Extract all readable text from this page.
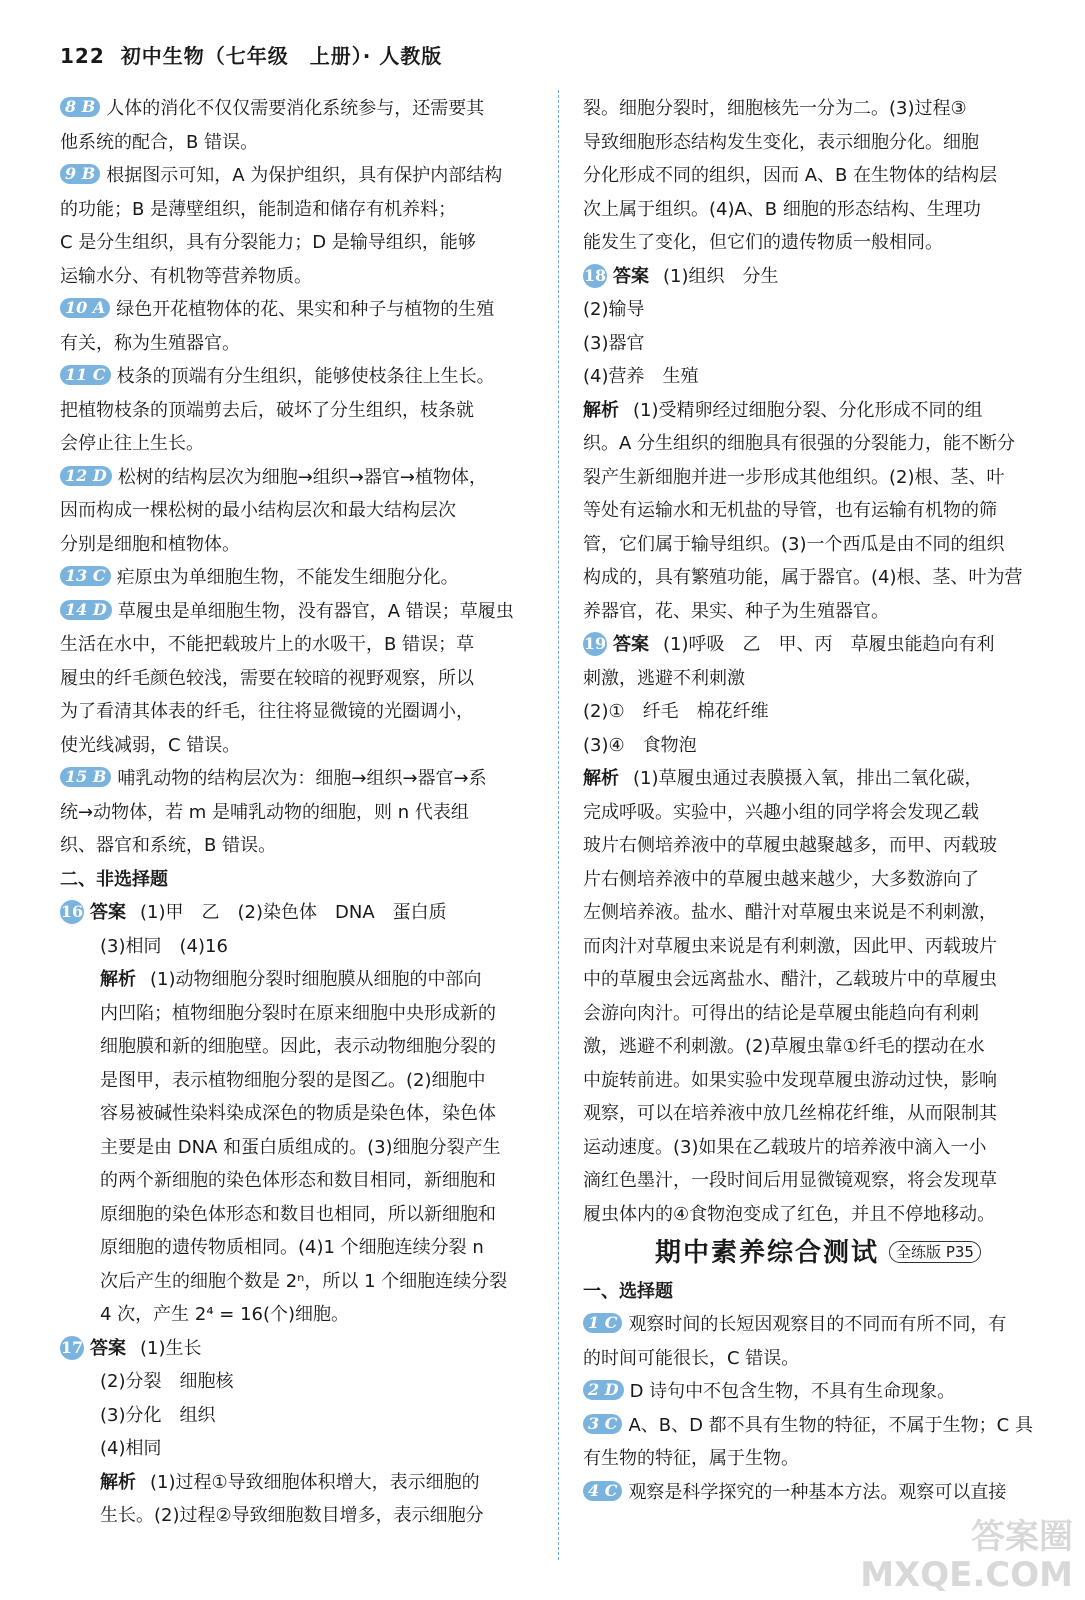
122 初中生物（七年级　上册）· 人教版

8 B 人体的消化不仅仅需要消化系统参与，还需要其

他系统的配合，B 错误。

9 B 根据图示可知，A 为保护组织，具有保护内部结构

的功能；B 是薄壁组织，能制造和储存有机养料；

C 是分生组织，具有分裂能力；D 是输导组织，能够

运输水分、有机物等营养物质。

10 A 绿色开花植物体的花、果实和种子与植物的生殖

有关，称为生殖器官。

11 C 枝条的顶端有分生组织，能够使枝条往上生长。

把植物枝条的顶端剪去后，破坏了分生组织，枝条就

会停止往上生长。

12 D 松树的结构层次为细胞→组织→器官→植物体，

因而构成一棵松树的最小结构层次和最大结构层次

分别是细胞和植物体。

13 C 疟原虫为单细胞生物，不能发生细胞分化。

14 D 草履虫是单细胞生物，没有器官，A 错误；草履虫

生活在水中，不能把载玻片上的水吸干，B 错误；草

履虫的纤毛颜色较浅，需要在较暗的视野观察，所以

为了看清其体表的纤毛，往往将显微镜的光圈调小，

使光线减弱，C 错误。

15 B 哺乳动物的结构层次为：细胞→组织→器官→系

统→动物体，若 m 是哺乳动物的细胞，则 n 代表组

织、器官和系统，B 错误。

二、非选择题

16 答案 (1)甲　乙　(2)染色体　DNA　蛋白质

(3)相同　(4)16

解析 (1)动物细胞分裂时细胞膜从细胞的中部向

内凹陷；植物细胞分裂时在原来细胞中央形成新的

细胞膜和新的细胞壁。因此，表示动物细胞分裂的

是图甲，表示植物细胞分裂的是图乙。(2)细胞中

容易被碱性染料染成深色的物质是染色体，染色体

主要是由 DNA 和蛋白质组成的。(3)细胞分裂产生

的两个新细胞的染色体形态和数目相同，新细胞和

原细胞的染色体形态和数目也相同，所以新细胞和

原细胞的遗传物质相同。(4)1 个细胞连续分裂 n

次后产生的细胞个数是 2ⁿ，所以 1 个细胞连续分裂

4 次，产生 2⁴ = 16(个)细胞。

17 答案 (1)生长

(2)分裂　细胞核

(3)分化　组织

(4)相同

解析 (1)过程①导致细胞体积增大，表示细胞的

生长。(2)过程②导致细胞数目增多，表示细胞分

裂。细胞分裂时，细胞核先一分为二。(3)过程③

导致细胞形态结构发生变化，表示细胞分化。细胞

分化形成不同的组织，因而 A、B 在生物体的结构层

次上属于组织。(4)A、B 细胞的形态结构、生理功

能发生了变化，但它们的遗传物质一般相同。

18 答案 (1)组织　分生

(2)输导

(3)器官

(4)营养　生殖

解析 (1)受精卵经过细胞分裂、分化形成不同的组

织。A 分生组织的细胞具有很强的分裂能力，能不断分

裂产生新细胞并进一步形成其他组织。(2)根、茎、叶

等处有运输水和无机盐的导管，也有运输有机物的筛

管，它们属于输导组织。(3)一个西瓜是由不同的组织

构成的，具有繁殖功能，属于器官。(4)根、茎、叶为营

养器官，花、果实、种子为生殖器官。

19 答案 (1)呼吸　乙　甲、丙　草履虫能趋向有利

刺激，逃避不利刺激

(2)①　纤毛　棉花纤维

(3)④　食物泡

解析 (1)草履虫通过表膜摄入氧，排出二氧化碳，

完成呼吸。实验中，兴趣小组的同学将会发现乙载

玻片右侧培养液中的草履虫越聚越多，而甲、丙载玻

片右侧培养液中的草履虫越来越少，大多数游向了

左侧培养液。盐水、醋汁对草履虫来说是不利刺激，

而肉汁对草履虫来说是有利刺激，因此甲、丙载玻片

中的草履虫会远离盐水、醋汁，乙载玻片中的草履虫

会游向肉汁。可得出的结论是草履虫能趋向有利刺

激，逃避不利刺激。(2)草履虫靠①纤毛的摆动在水

中旋转前进。如果实验中发现草履虫游动过快，影响

观察，可以在培养液中放几丝棉花纤维，从而限制其

运动速度。(3)如果在乙载玻片的培养液中滴入一小

滴红色墨汁，一段时间后用显微镜观察，将会发现草

履虫体内的④食物泡变成了红色，并且不停地移动。

期中素养综合测试 全练版 P35

一、选择题

1 C 观察时间的长短因观察目的不同而有所不同，有

的时间可能很长，C 错误。

2 D D 诗句中不包含生物，不具有生命现象。

3 C A、B、D 都不具有生物的特征，不属于生物；C 具

有生物的特征，属于生物。

4 C 观察是科学探究的一种基本方法。观察可以直接

答案圈
MXQE.COM
